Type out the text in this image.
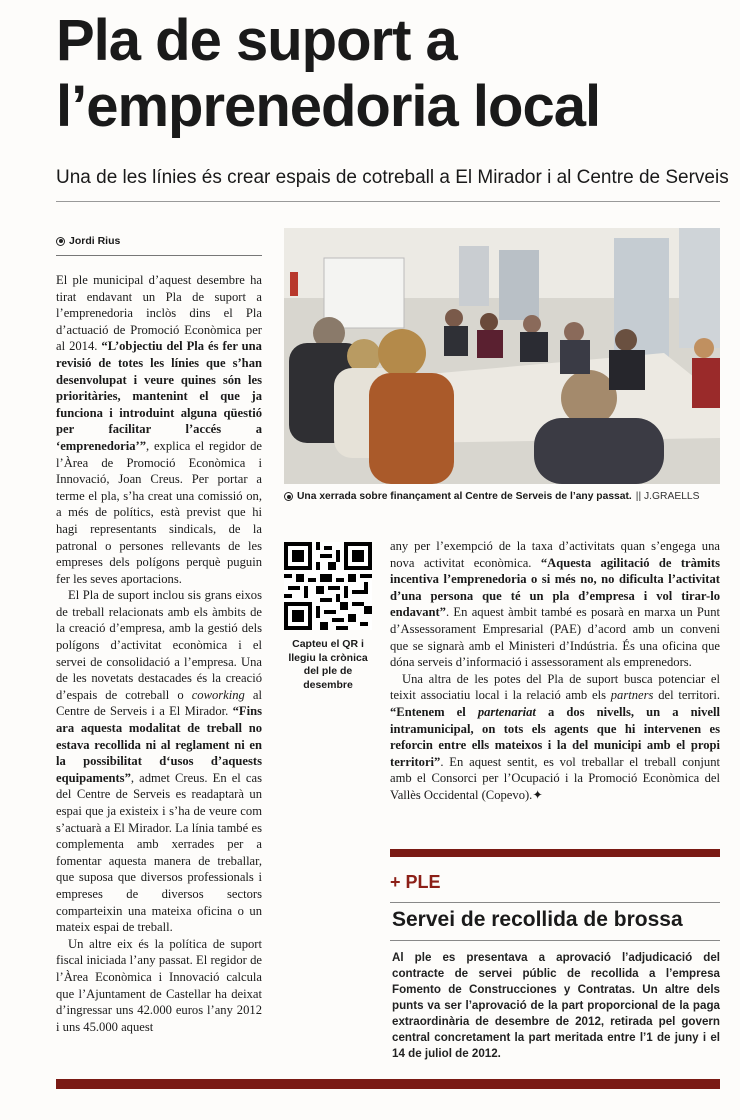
Pla de suport a
l’emprenedoria local
Una de les línies és crear espais de cotreball a El Mirador i al Centre de Serveis
Jordi Rius

El ple municipal d’aquest desembre ha tirat endavant un Pla de suport a l’emprenedoria inclòs dins el Pla d’actuació de Promoció Econòmica per al 2014. “L’objectiu del Pla és fer una revisió de totes les línies que s’han desenvolupat i veure quines són les prioritàries, mantenint el que ja funciona i introduint alguna qüestió per facilitar l’accés a ‘emprenedoria’”, explica el regidor de l’Àrea de Promoció Econòmica i Innovació, Joan Creus. Per portar a terme el pla, s’ha creat una comissió on, a més de polítics, està previst que hi hagi representants sindicals, de la patronal o persones rellevants de les empreses dels polígons perquè puguin fer les seves aportacions.

El Pla de suport inclou sis grans eixos de treball relacionats amb els àmbits de la creació d’empresa, amb la gestió dels polígons d’activitat econòmica i el servei de consolidació a l’empresa. Una de les novetats destacades és la creació d’espais de cotreball o coworking al Centre de Serveis i a El Mirador. “Fins ara aquesta modalitat de treball no estava recollida ni al reglament ni en la possibilitat d‘usos d’aquests equipaments”, admet Creus. En el cas del Centre de Serveis es readaptarà un espai que ja existeix i s’ha de veure com s’actuarà a El Mirador. La línia també es complementa amb xerrades per a fomentar aquesta manera de treballar, que suposa que diversos professionals i empreses de diversos sectors comparteixin una mateixa oficina o un mateix espai de treball.

Un altre eix és la política de suport fiscal iniciada l’any passat. El regidor de l’Àrea Econòmica i Innovació calcula que l’Ajuntament de Castellar ha deixat d’ingressar uns 42.000 euros l’any 2012 i uns 45.000 aquest

Una xerrada sobre finançament al Centre de Serveis de l’any passat. || J.GRAELLS
Capteu el QR i llegiu la crònica del ple de desembre

any per l’exempció de la taxa d’activitats quan s’engega una nova activitat econòmica. “Aquesta agilitació de tràmits incentiva l’emprenedoria o si més no, no dificulta l’activitat d’una persona que té un pla d’empresa i vol tirar-lo endavant”. En aquest àmbit també es posarà en marxa un Punt d’Assessorament Empresarial (PAE) d’acord amb un conveni que se signarà amb el Ministeri d’Indústria. És una oficina que dóna serveis d’informació i assessorament als emprenedors.

Una altra de les potes del Pla de suport busca potenciar el teixit associatiu local i la relació amb els partners del territori. “Entenem el partenariat a dos nivells, un a nivell intramunicipal, on tots els agents que hi intervenen es reforcin entre ells mateixos i la del municipi amb el propi territori”. En aquest sentit, es vol treballar el treball conjunt amb el Consorci per l’Ocupació i la Promoció Econòmica del Vallès Occidental (Copevo).✦

+ PLE
Servei de recollida de brossa
Al ple es presentava a aprovació l’adjudicació del contracte de servei públic de recollida a l’empresa Fomento de Construcciones y Contratas. Un altre dels punts va ser l’aprovació de la part proporcional de la paga extraordinària de desembre de 2012, retirada pel govern central concretament la part meritada entre l’1 de juny i el 14 de juliol de 2012.
